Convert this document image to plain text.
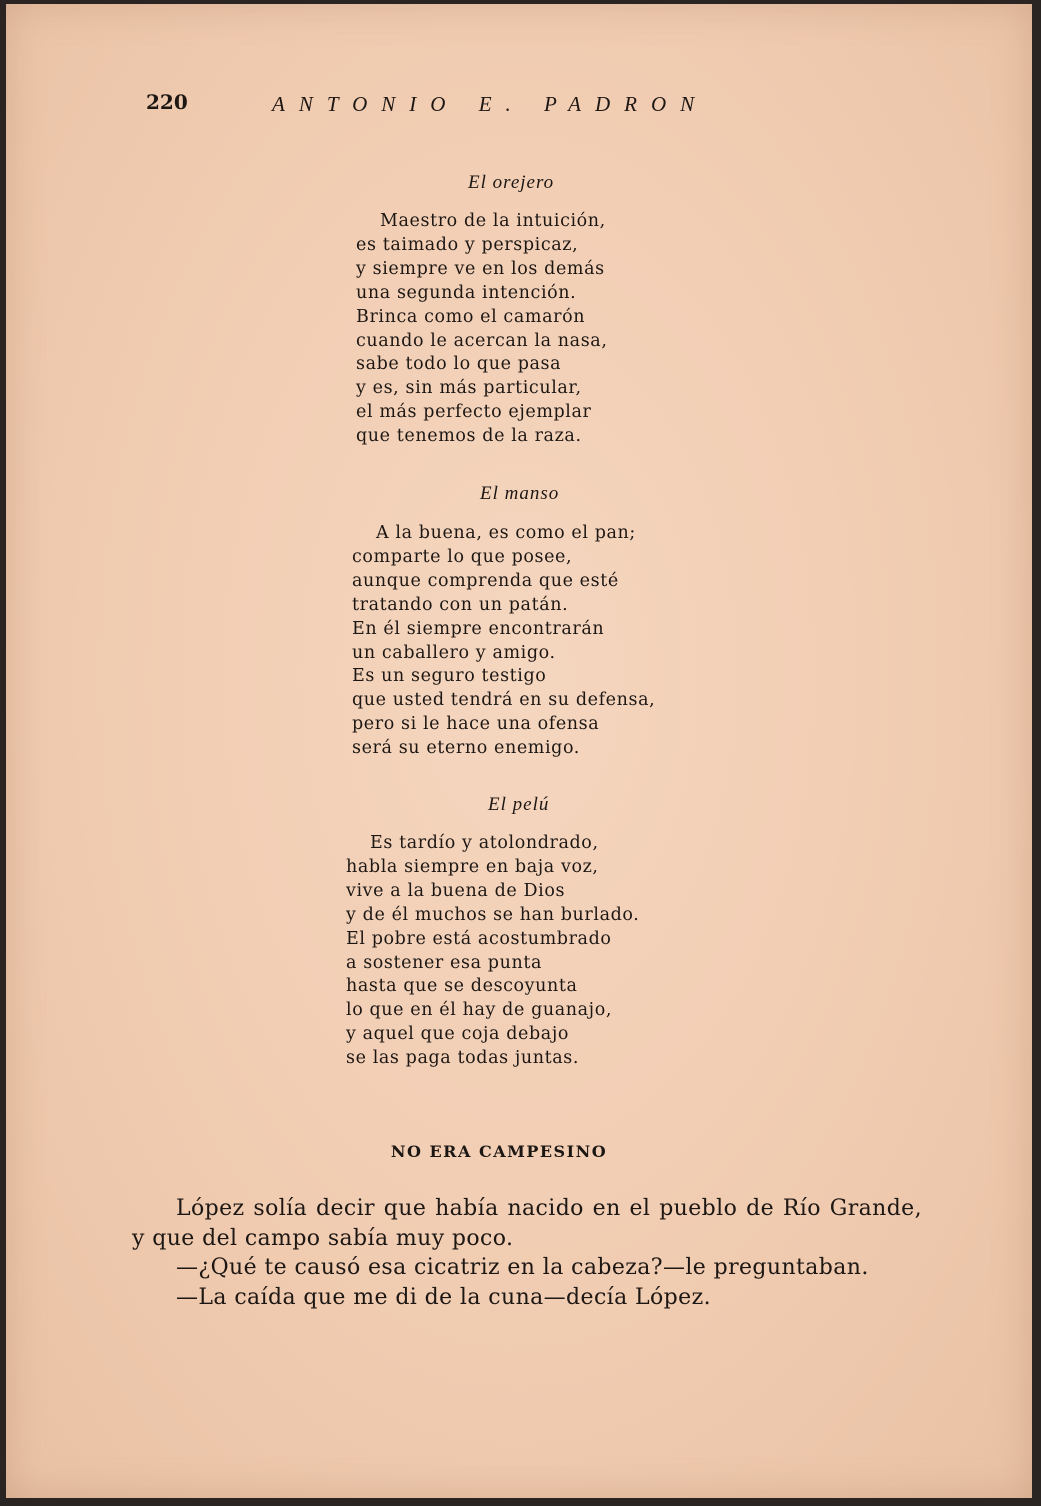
220	ANTONIO E. PADRON
El orejero
Maestro de la intuición,
es taimado y perspicaz,
y siempre ve en los demás
una segunda intención.
Brinca como el camarón
cuando le acercan la nasa,
sabe todo lo que pasa
y es, sin más particular,
el más perfecto ejemplar
que tenemos de la raza.
El manso
A la buena, es como el pan;
comparte lo que posee,
aunque comprenda que esté
tratando con un patán.
En él siempre encontrarán
un caballero y amigo.
Es un seguro testigo
que usted tendrá en su defensa,
pero si le hace una ofensa
será su eterno enemigo.
El pelú
Es tardío y atolondrado,
habla siempre en baja voz,
vive a la buena de Dios
y de él muchos se han burlado.
El pobre está acostumbrado
a sostener esa punta
hasta que se descoyunta
lo que en él hay de guanajo,
y aquel que coja debajo
se las paga todas juntas.
NO ERA CAMPESINO

López solía decir que había nacido en el pueblo de Río Grande, y que del campo sabía muy poco.

—¿Qué te causó esa cicatriz en la cabeza?—le preguntaban.

—La caída que me di de la cuna—decía López.
